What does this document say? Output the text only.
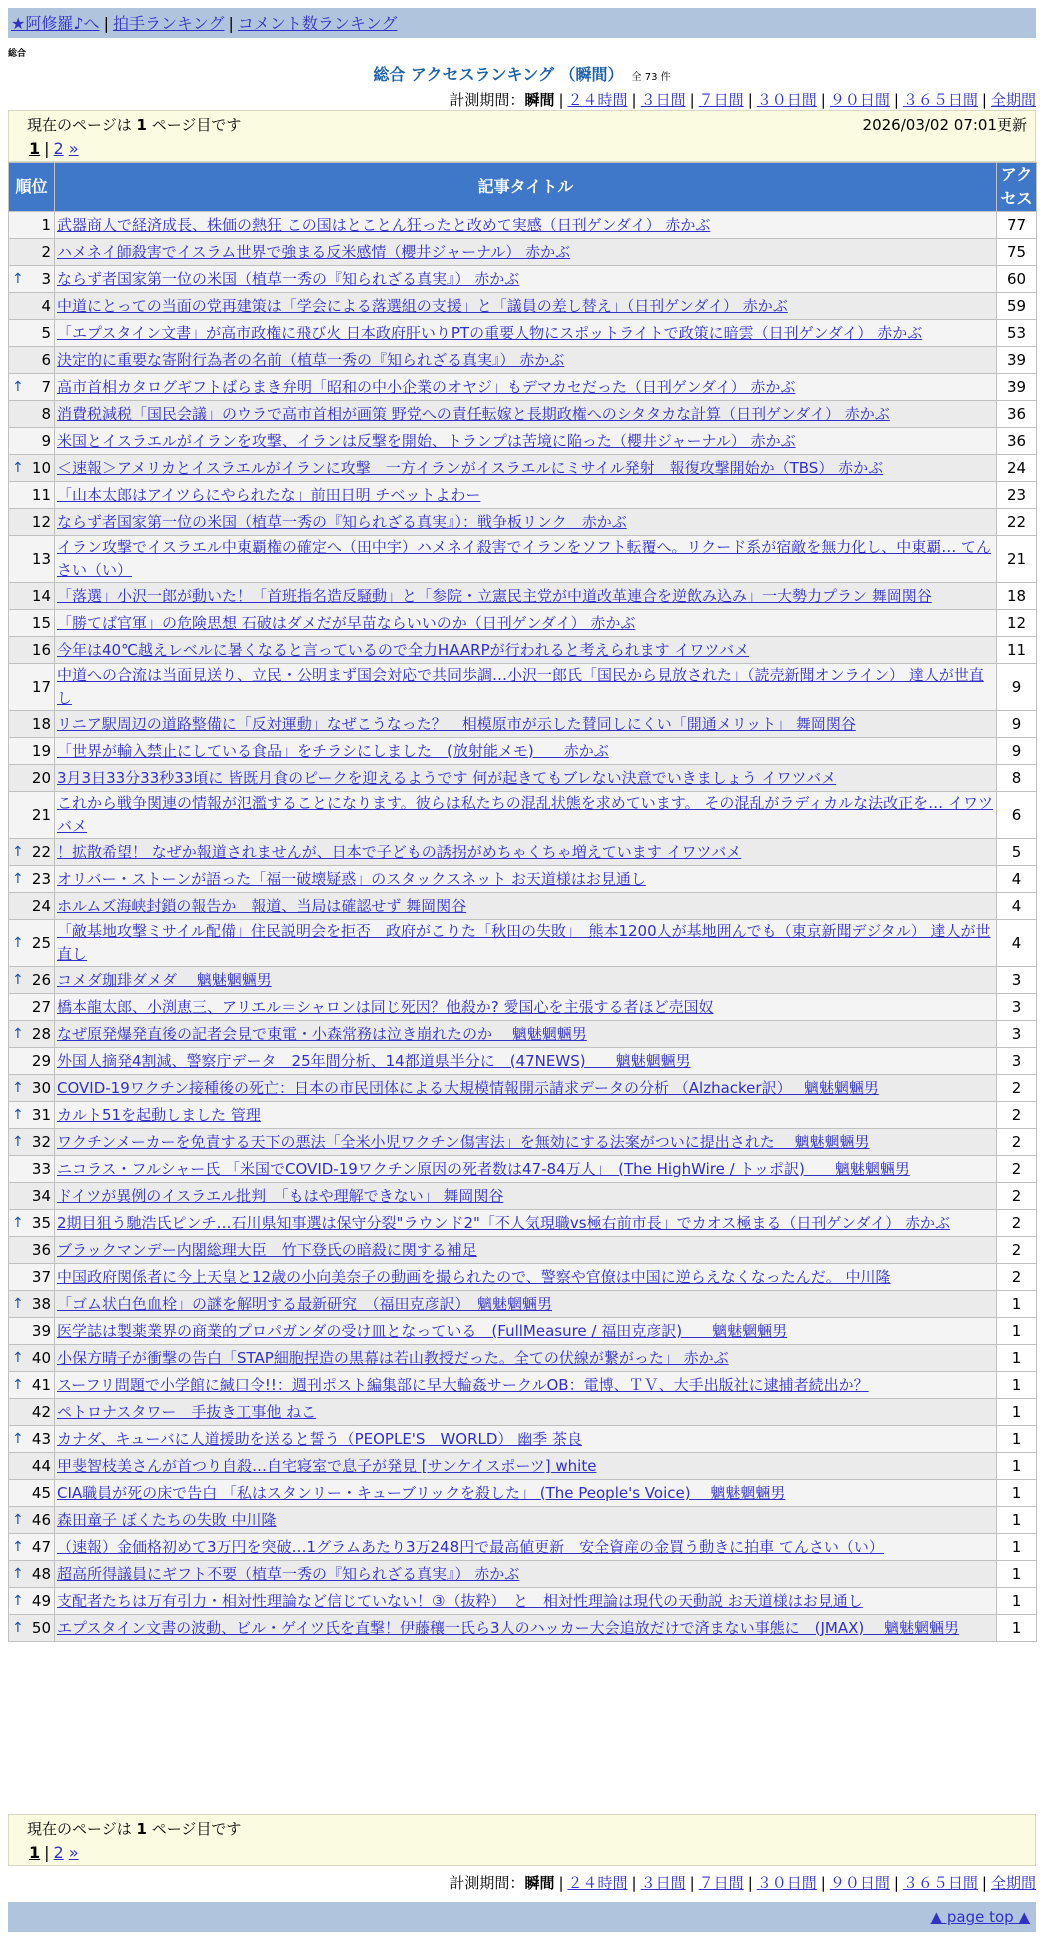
★阿修羅♪へ | 拍手ランキング | コメント数ランキング
総合
総合 アクセスランキング （瞬間） 全 73 件
計測期間：瞬間 | ２４時間 | ３日間 | ７日間 | ３０日間 | ９０日間 | ３６５日間 | 全期間
現在のページは 1 ページ目です	2026/03/02 07:01更新
1 | 2 »
順位	記事タイトル	アクセス
1	武器商人で経済成長、株価の熱狂 この国はとことん狂ったと改めて実感（日刊ゲンダイ） 赤かぶ	77
2	ハメネイ師殺害でイスラム世界で強まる反米感情（櫻井ジャーナル） 赤かぶ	75

↑ 3	ならず者国家第一位の米国（植草一秀の『知られざる真実』） 赤かぶ	60
4	中道にとっての当面の党再建策は「学会による落選組の支援」と「議員の差し替え」（日刊ゲンダイ） 赤かぶ	59
5	「エプスタイン文書」が高市政権に飛び火 日本政府肝いりPTの重要人物にスポットライトで政策に暗雲（日刊ゲンダイ） 赤かぶ	53
6	決定的に重要な寄附行為者の名前（植草一秀の『知られざる真実』） 赤かぶ	39

↑ 7	高市首相カタログギフトばらまき弁明「昭和の中小企業のオヤジ」もデマカセだった（日刊ゲンダイ） 赤かぶ	39
8	消費税減税「国民会議」のウラで高市首相が画策 野党への責任転嫁と長期政権へのシタタカな計算（日刊ゲンダイ） 赤かぶ	36
9	米国とイスラエルがイランを攻撃、イランは反撃を開始、トランプは苦境に陥った（櫻井ジャーナル） 赤かぶ	36

↑ 10	＜速報＞アメリカとイスラエルがイランに攻撃　一方イランがイスラエルにミサイル発射　報復攻撃開始か（TBS） 赤かぶ	24
11	「山本太郎はアイツらにやられたな」前田日明 チベットよわー	23
12	ならず者国家第一位の米国（植草一秀の『知られざる真実』）：戦争板リンク　赤かぶ	22
13	イラン攻撃でイスラエル中東覇権の確定へ（田中宇）ハメネイ殺害でイランをソフト転覆へ。リクード系が宿敵を無力化し、中東覇… てんさい（い）	21
14	「落選」小沢一郎が動いた！「首班指名造反騒動」と「参院・立憲民主党が中道改革連合を逆飲み込み」一大勢力プラン 舞岡関谷	18
15	「勝てば官軍」の危険思想 石破はダメだが早苗ならいいのか（日刊ゲンダイ） 赤かぶ	12
16	今年は40℃越えレベルに暑くなると言っているので全力HAARPが行われると考えられます イワツバメ	11
17	中道への合流は当面見送り、立民・公明まず国会対応で共同歩調…小沢一郎氏「国民から見放された」（読売新聞オンライン） 達人が世直し	9
18	リニア駅周辺の道路整備に「反対運動」なぜこうなった？　相模原市が示した賛同しにくい「開通メリット」 舞岡関谷	9
19	「世界が輸入禁止にしている食品」をチラシにしました　(放射能メモ)　　赤かぶ	9
20	3月3日33分33秒33頃に 皆既月食のピークを迎えるようです 何が起きてもブレない決意でいきましょう イワツバメ	8
21	これから戦争関連の情報が氾濫することになります。彼らは私たちの混乱状態を求めています。 その混乱がラディカルな法改正を… イワツバメ	6

↑ 22	！拡散希望！ なぜか報道されませんが、日本で子どもの誘拐がめちゃくちゃ増えています イワツバメ	5

↑ 23	オリバー・ストーンが語った「福一破壊疑惑」のスタックスネット お天道様はお見通し	4
24	ホルムズ海峡封鎖の報告か　報道、当局は確認せず 舞岡関谷	4

↑ 25	「敵基地攻撃ミサイル配備」住民説明会を拒否　政府がこりた「秋田の失敗」　熊本1200人が基地囲んでも（東京新聞デジタル） 達人が世直し	4

↑ 26	コメダ珈琲ダメダ　 魑魅魍魎男	3
27	橋本龍太郎、小渕恵三、アリエル＝シャロンは同じ死因？他殺か? 愛国心を主張する者ほど売国奴	3

↑ 28	なぜ原発爆発直後の記者会見で東電・小森常務は泣き崩れたのか　 魑魅魍魎男	3
29	外国人摘発4割減、警察庁データ　25年間分析、14都道県半分に　(47NEWS)　　魑魅魍魎男	3

↑ 30	COVID-19ワクチン接種後の死亡：日本の市民団体による大規模情報開示請求データの分析 （Alzhacker訳）　 魑魅魍魎男	2

↑ 31	カルト51を起動しました 管理	2

↑ 32	ワクチンメーカーを免責する天下の悪法「全米小児ワクチン傷害法」を無効にする法案がついに提出された　 魑魅魍魎男	2
33	ニコラス・フルシャー氏 「米国でCOVID-19ワクチン原因の死者数は47-84万人」　(The HighWire / トッポ訳)　　魑魅魍魎男	2
34	ドイツが異例のイスラエル批判　「もはや理解できない」 舞岡関谷	2

↑ 35	2期目狙う馳浩氏ピンチ…石川県知事選は保守分裂"ラウンド2"「不人気現職vs極右前市長」でカオス極まる（日刊ゲンダイ） 赤かぶ	2
36	ブラックマンデー内閣総理大臣　竹下登氏の暗殺に関する補足	2
37	中国政府関係者に今上天皇と12歳の小向美奈子の動画を撮られたので、警察や官僚は中国に逆らえなくなったんだ。 中川隆	2

↑ 38	「ゴム状白色血栓」の謎を解明する最新研究　（福田克彦訳）　魑魅魍魎男	1
39	医学誌は製薬業界の商業的プロパガンダの受け皿となっている　(FullMeasure / 福田克彦訳)　　魑魅魍魎男	1

↑ 40	小保方晴子が衝撃の告白「STAP細胞捏造の黒幕は若山教授だった。全ての伏線が繋がった」 赤かぶ	1

↑ 41	スーフリ問題で小学館に緘口令!!：週刊ポスト編集部に早大輪姦サークルOB：電博、ＴＶ、大手出版社に逮捕者続出か？	1
42	ペトロナスタワー　手抜き工事他 ねこ	1

↑ 43	カナダ、キューバに人道援助を送ると誓う（PEOPLE'S　WORLD） 幽季 茶良	1
44	甲斐智枝美さんが首つり自殺…自宅寝室で息子が発見 [サンケイスポーツ] white	1
45	CIA職員が死の床で告白 「私はスタンリー・キューブリックを殺した」 (The People's Voice)　 魑魅魍魎男	1

↑ 46	森田童子 ぼくたちの失敗 中川隆	1

↑ 47	（速報）金価格初めて3万円を突破…1グラムあたり3万248円で最高値更新　安全資産の金買う動きに拍車 てんさい（い）	1

↑ 48	超高所得議員にギフト不要（植草一秀の『知られざる真実』） 赤かぶ	1

↑ 49	支配者たちは万有引力・相対性理論など信じていない！③（抜粋）　と　相対性理論は現代の天動説 お天道様はお見通し	1

↑ 50	エプスタイン文書の波動、ビル・ゲイツ氏を直撃！伊藤穰一氏ら3人のハッカー大会追放だけで済まない事態に　(JMAX)　 魑魅魍魎男	1
現在のページは 1 ページ目です
1 | 2 »
計測期間：瞬間 | ２４時間 | ３日間 | ７日間 | ３０日間 | ９０日間 | ３６５日間 | 全期間
▲ page top ▲
